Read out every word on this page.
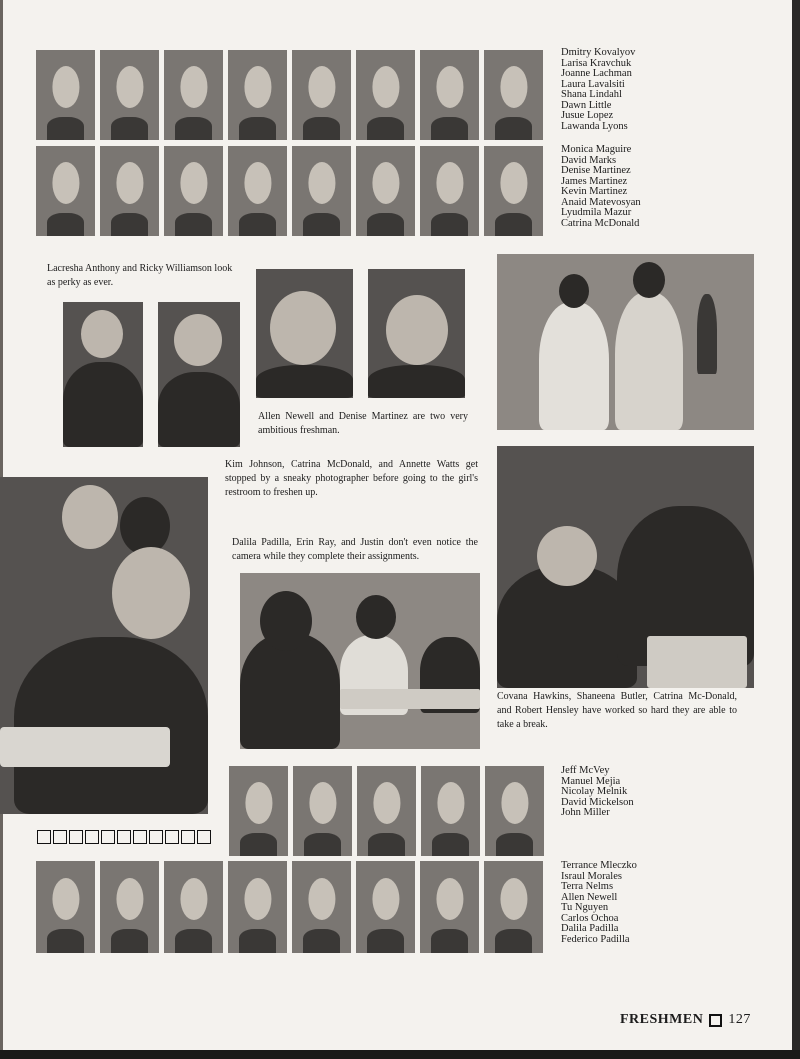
Dmitry Kovalyov
Larisa Kravchuk
Joanne Lachman
Laura Lavalsiti
Shana Lindahl
Dawn Little
Jusue Lopez
Lawanda Lyons
Monica Maguire
David Marks
Denise Martinez
James Martinez
Kevin Martinez
Anaid Matevosyan
Lyudmila Mazur
Catrina McDonald
Lacresha Anthony and Ricky Williamson look as perky as ever.
Allen Newell and Denise Martinez are two very ambitious freshman.
Kim Johnson, Catrina McDonald, and Annette Watts get stopped by a sneaky photographer before going to the girl's restroom to freshen up.
Dalila Padilla, Erin Ray, and Justin don't even notice the camera while they complete their assignments.
Covana Hawkins, Shaneena Butler, Catrina Mc-Donald, and Robert Hensley have worked so hard they are able to take a break.
Jeff McVey
Manuel Mejia
Nicolay Melnik
David Mickelson
John Miller
Terrance Mleczko
Israul Morales
Terra Nelms
Allen Newell
Tu Nguyen
Carlos Ochoa
Dalila Padilla
Federico Padilla
FRESHMEN 127
